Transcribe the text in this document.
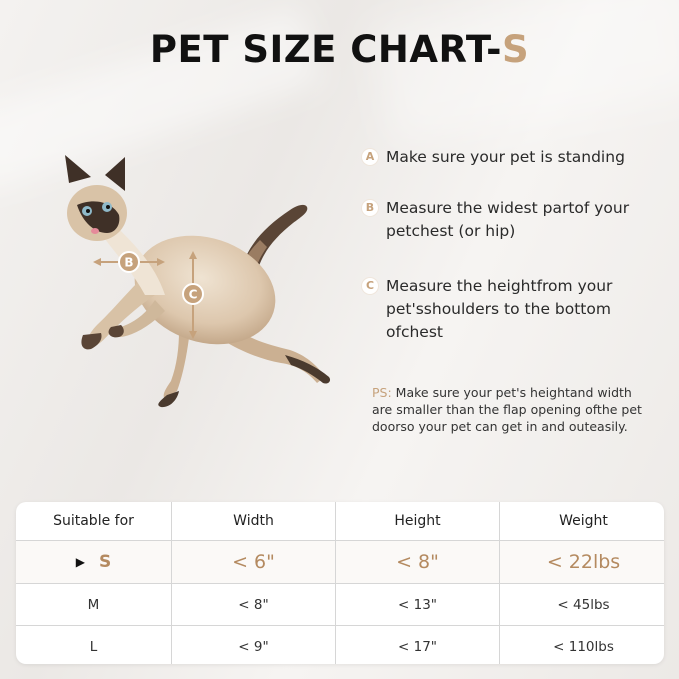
PET SIZE CHART-S
B
C
A Make sure your pet is standing
B Measure the widest partof your petchest (or hip)
C Measure the heightfrom your pet'sshoulders to the bottom ofchest
PS: Make sure your pet's heightand width are smaller than the flap opening ofthe pet doorso your pet can get in and outeasily.
Suitable for	Width	Height	Weight
▶ S	< 6"	< 8"	< 22lbs
M	< 8"	< 13"	< 45lbs
L	< 9"	< 17"	< 110lbs
